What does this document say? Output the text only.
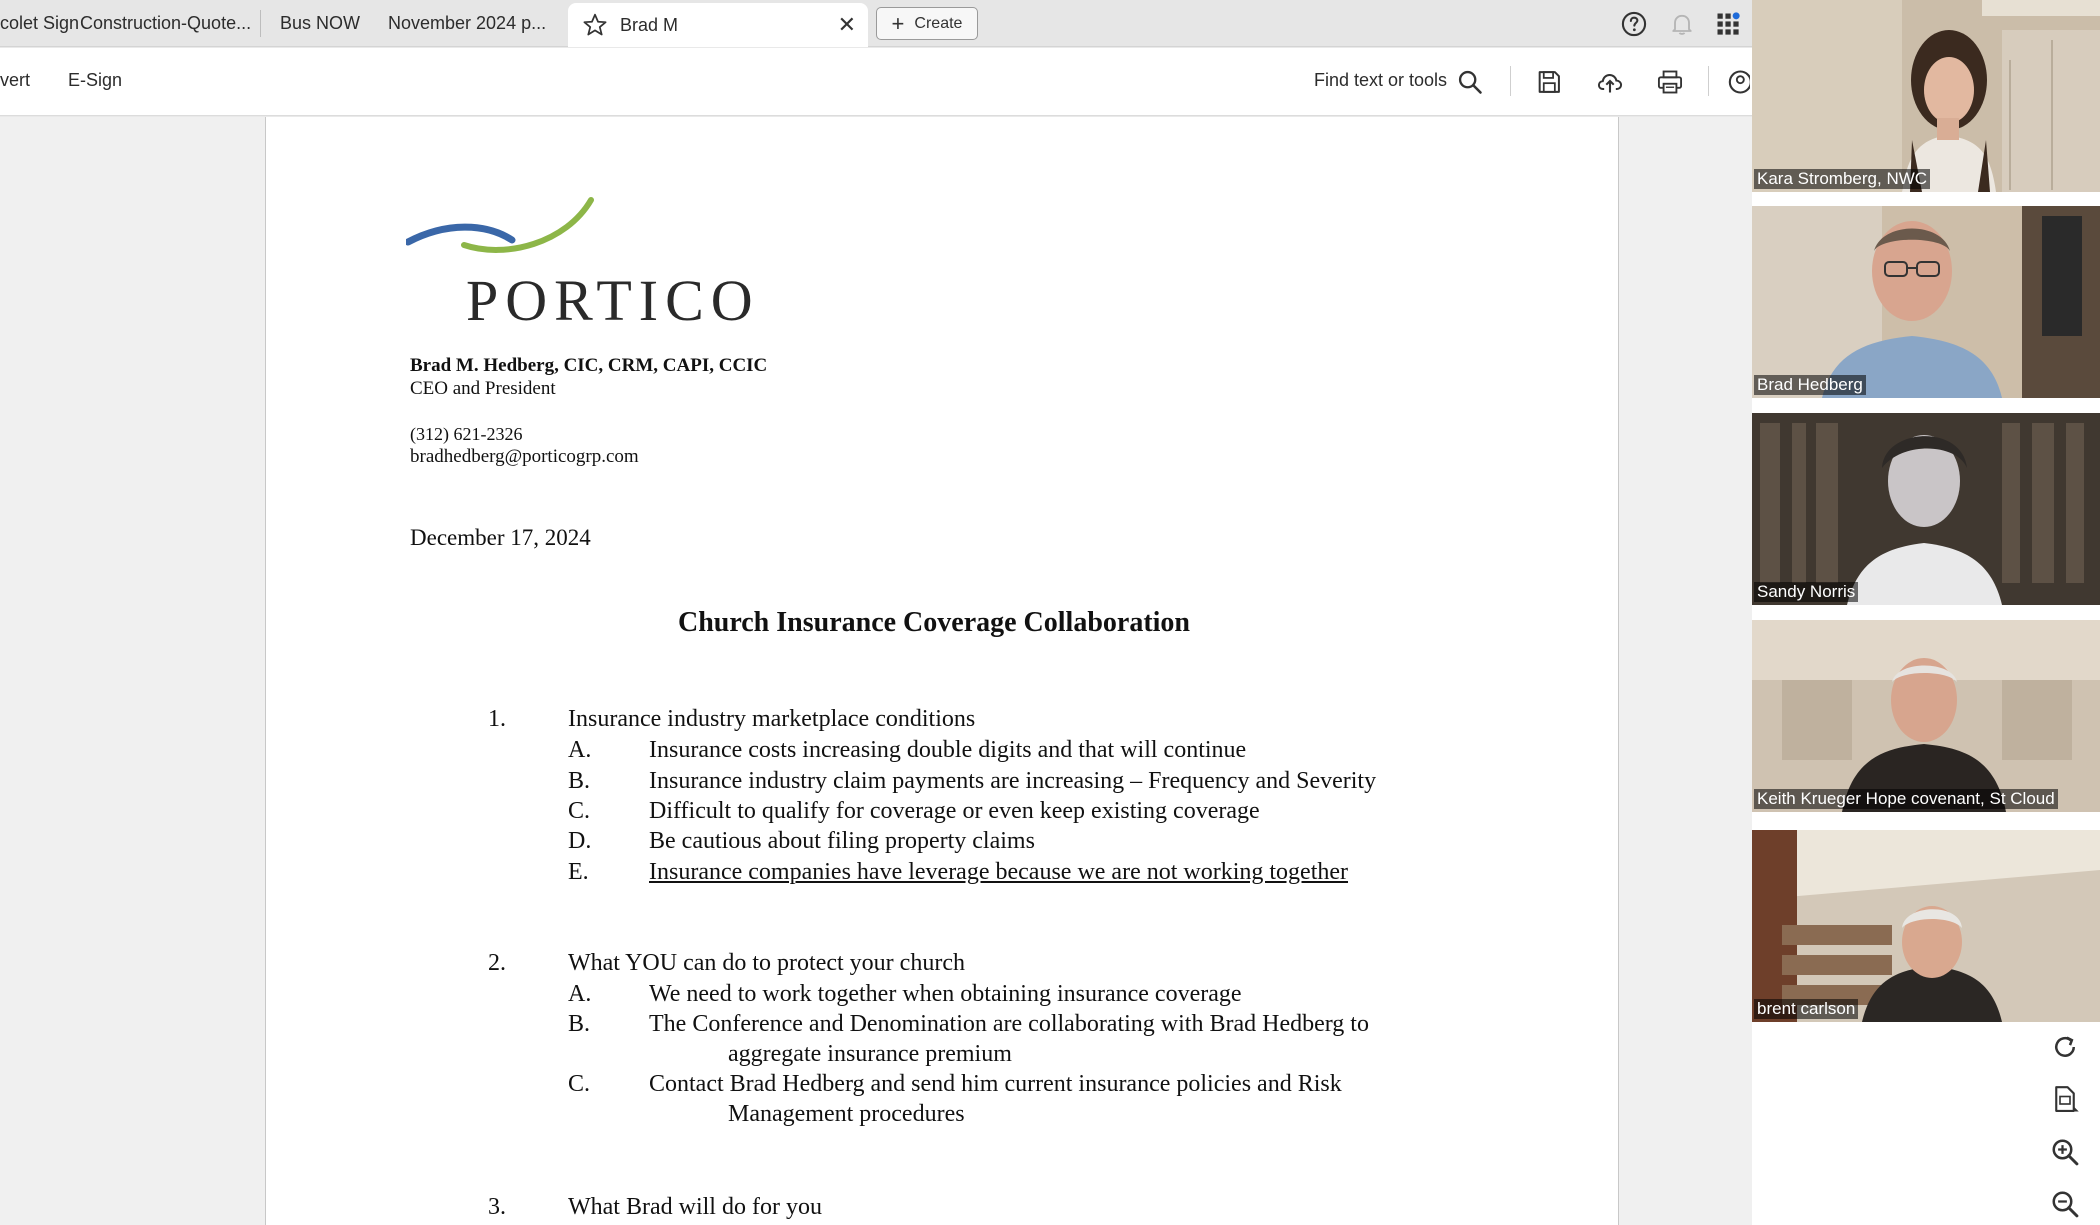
colet Sign Construction-Quote... Bus NOW November 2024 p...	Brad M	✕ + Create
vert E-Sign	Find text or tools
PORTICO
Brad M. Hedberg, CIC, CRM, CAPI, CCIC
CEO and President
(312) 621-2326
bradhedberg@porticogrp.com
December 17, 2024
Church Insurance Coverage Collaboration
1.	Insurance industry marketplace conditions
A. Insurance costs increasing double digits and that will continue
B. Insurance industry claim payments are increasing – Frequency and Severity
C. Difficult to qualify for coverage or even keep existing coverage
D. Be cautious about filing property claims
E.	Insurance companies have leverage because we are not working together
2.	What YOU can do to protect your church
A. We need to work together when obtaining insurance coverage
B. The Conference and Denomination are collaborating with Brad Hedberg to
aggregate insurance premium
C. Contact Brad Hedberg and send him current insurance policies and Risk
Management procedures
3.	What Brad will do for you
Kara Stromberg, NWC
Brad Hedberg
Sandy Norris
Keith Krueger Hope covenant, St Cloud
brent carlson
